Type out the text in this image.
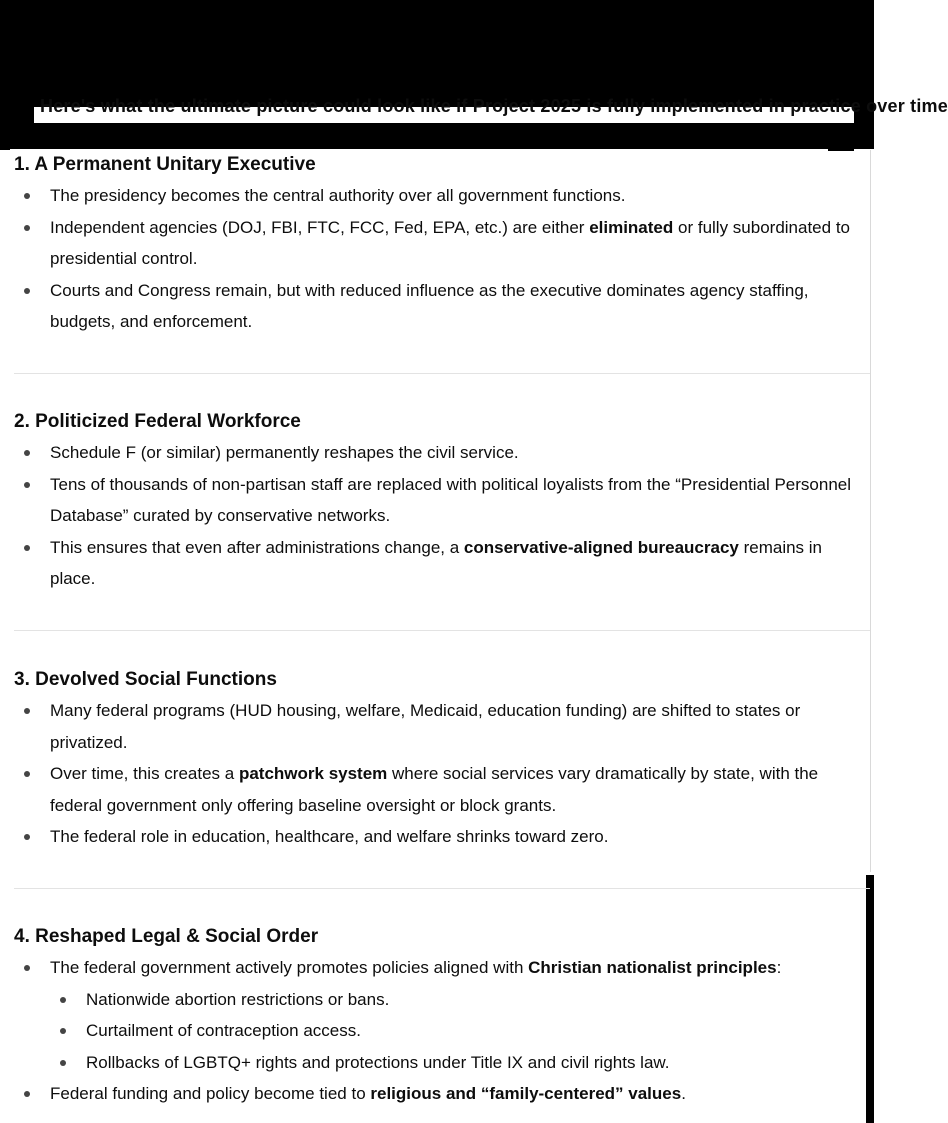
Here's what the ultimate picture could look like if Project 2025 is fully implemented in practice over time
1. A Permanent Unitary Executive
The presidency becomes the central authority over all government functions.
Independent agencies (DOJ, FBI, FTC, FCC, Fed, EPA, etc.) are either eliminated or fully subordinated to presidential control.
Courts and Congress remain, but with reduced influence as the executive dominates agency staffing, budgets, and enforcement.
2. Politicized Federal Workforce
Schedule F (or similar) permanently reshapes the civil service.
Tens of thousands of non-partisan staff are replaced with political loyalists from the “Presidential Personnel Database” curated by conservative networks.
This ensures that even after administrations change, a conservative-aligned bureaucracy remains in place.
3. Devolved Social Functions
Many federal programs (HUD housing, welfare, Medicaid, education funding) are shifted to states or privatized.
Over time, this creates a patchwork system where social services vary dramatically by state, with the federal government only offering baseline oversight or block grants.
The federal role in education, healthcare, and welfare shrinks toward zero.
4. Reshaped Legal & Social Order
The federal government actively promotes policies aligned with Christian nationalist principles:
Nationwide abortion restrictions or bans.
Curtailment of contraception access.
Rollbacks of LGBTQ+ rights and protections under Title IX and civil rights law.
Federal funding and policy become tied to religious and “family-centered” values.
